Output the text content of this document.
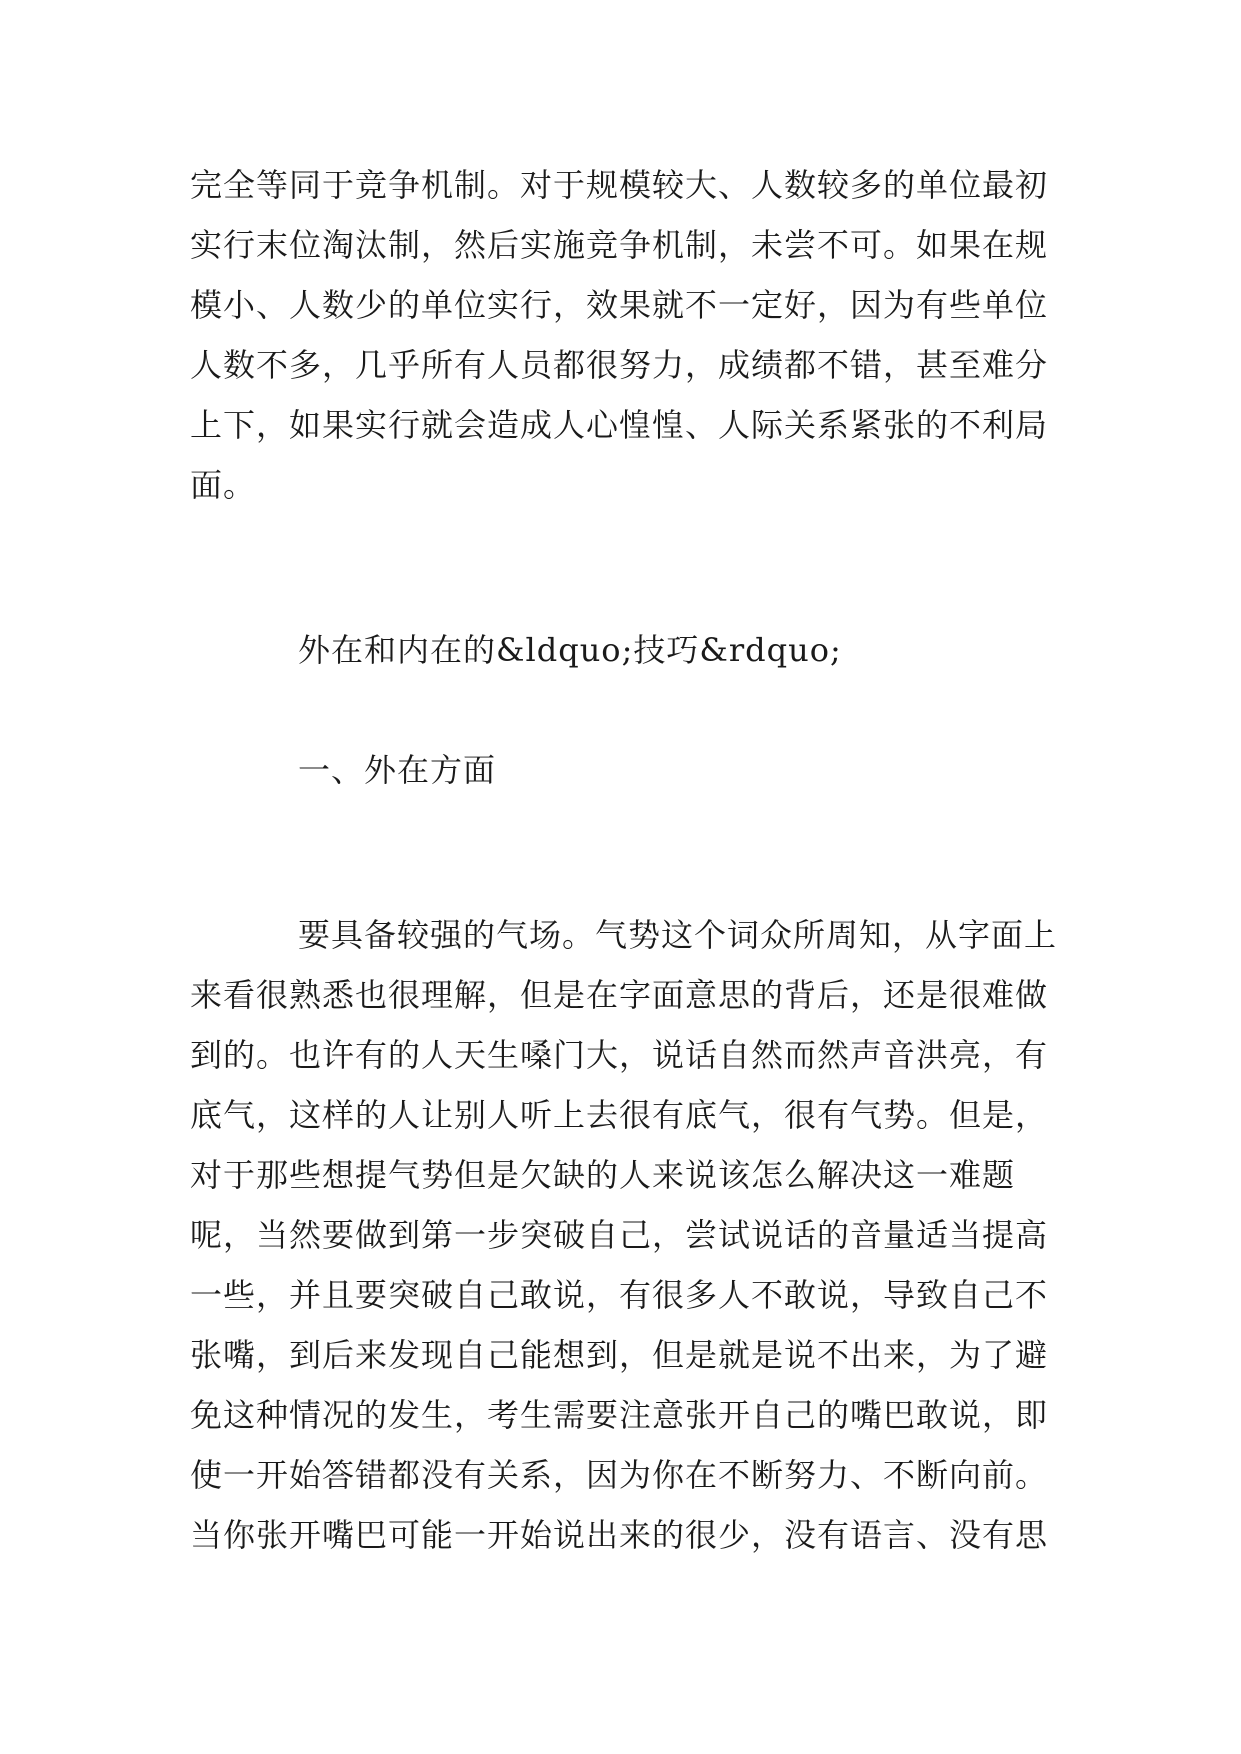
完全等同于竞争机制。对于规模较大、人数较多的单位最初
实行末位淘汰制，然后实施竞争机制，未尝不可。如果在规
模小、人数少的单位实行，效果就不一定好，因为有些单位
人数不多，几乎所有人员都很努力，成绩都不错，甚至难分
上下，如果实行就会造成人心惶惶、人际关系紧张的不利局
面。
外在和内在的&ldquo;技巧&rdquo;
一、外在方面
要具备较强的气场。气势这个词众所周知，从字面上
来看很熟悉也很理解，但是在字面意思的背后，还是很难做
到的。也许有的人天生嗓门大，说话自然而然声音洪亮，有
底气，这样的人让别人听上去很有底气，很有气势。但是，
对于那些想提气势但是欠缺的人来说该怎么解决这一难题
呢，当然要做到第一步突破自己，尝试说话的音量适当提高
一些，并且要突破自己敢说，有很多人不敢说，导致自己不
张嘴，到后来发现自己能想到，但是就是说不出来，为了避
免这种情况的发生，考生需要注意张开自己的嘴巴敢说，即
使一开始答错都没有关系，因为你在不断努力、不断向前。
当你张开嘴巴可能一开始说出来的很少，没有语言、没有思
